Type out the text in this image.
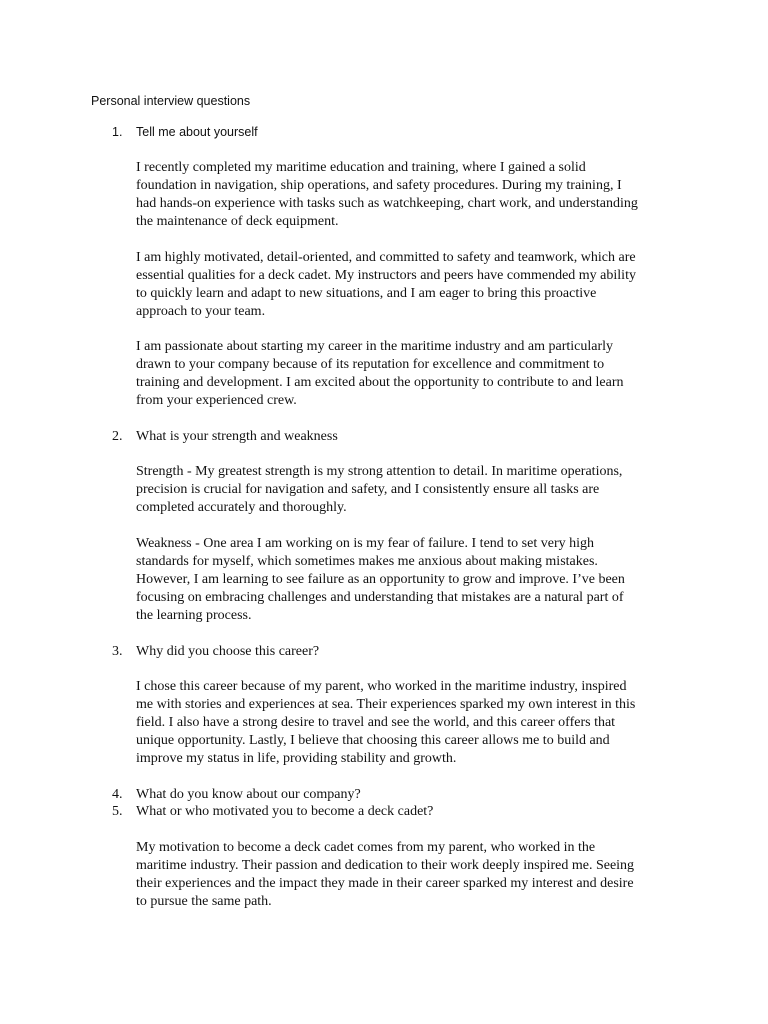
Personal interview questions
1. Tell me about yourself
I recently completed my maritime education and training, where I gained a solid
foundation in navigation, ship operations, and safety procedures. During my training, I
had hands-on experience with tasks such as watchkeeping, chart work, and understanding
the maintenance of deck equipment.
I am highly motivated, detail-oriented, and committed to safety and teamwork, which are
essential qualities for a deck cadet. My instructors and peers have commended my ability
to quickly learn and adapt to new situations, and I am eager to bring this proactive
approach to your team.
I am passionate about starting my career in the maritime industry and am particularly
drawn to your company because of its reputation for excellence and commitment to
training and development. I am excited about the opportunity to contribute to and learn
from your experienced crew.
2. What is your strength and weakness
Strength - My greatest strength is my strong attention to detail. In maritime operations,
precision is crucial for navigation and safety, and I consistently ensure all tasks are
completed accurately and thoroughly.
Weakness - One area I am working on is my fear of failure. I tend to set very high
standards for myself, which sometimes makes me anxious about making mistakes.
However, I am learning to see failure as an opportunity to grow and improve. I’ve been
focusing on embracing challenges and understanding that mistakes are a natural part of
the learning process.
3. Why did you choose this career?
I chose this career because of my parent, who worked in the maritime industry, inspired
me with stories and experiences at sea. Their experiences sparked my own interest in this
field. I also have a strong desire to travel and see the world, and this career offers that
unique opportunity. Lastly, I believe that choosing this career allows me to build and
improve my status in life, providing stability and growth.
4. What do you know about our company?
5. What or who motivated you to become a deck cadet?
My motivation to become a deck cadet comes from my parent, who worked in the
maritime industry. Their passion and dedication to their work deeply inspired me. Seeing
their experiences and the impact they made in their career sparked my interest and desire
to pursue the same path.
